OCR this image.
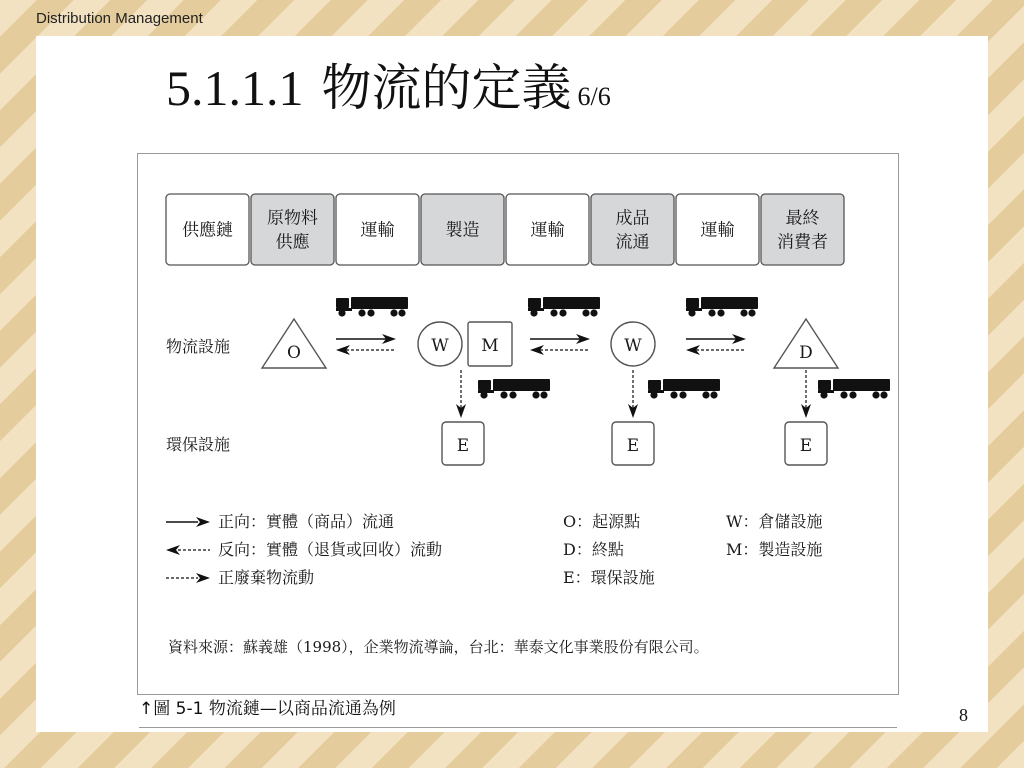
Distribution Management
5.1.1.1 物流的定義 6/6
供應鏈
原物料
供應
運輸	製造	運輸
成品
流通
運輸
最終
消費者
物流設施
環保設施
O	W M	W	D
E	E	E
正向：實體（商品）流通
反向：實體（退貨或回收）流動
正廢棄物流動
O：起源點
D：終點
E：環保設施
W：倉儲設施
M：製造設施
資料來源：蘇義雄（1998），企業物流導論，台北：華泰文化事業股份有限公司。
↑圖 5-1 物流鏈—以商品流通為例	8
